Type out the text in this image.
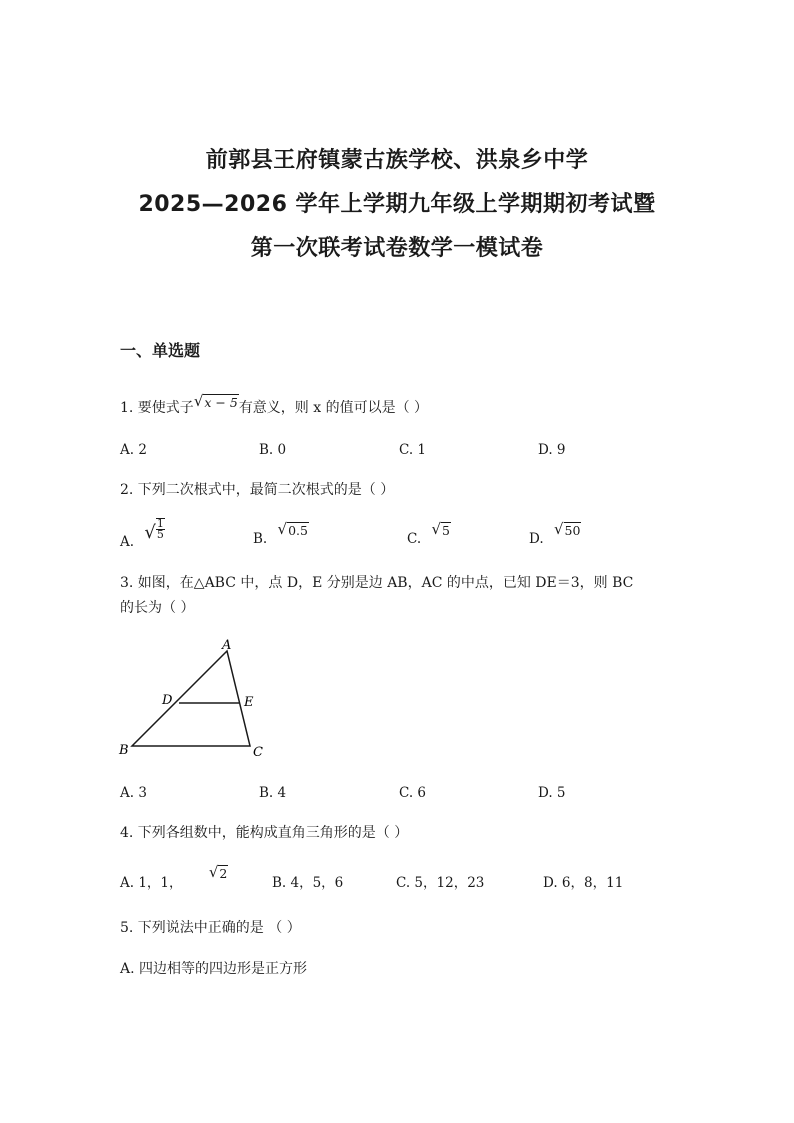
前郭县王府镇蒙古族学校、洪泉乡中学
2025—2026 学年上学期九年级上学期期初考试暨
第一次联考试卷数学一模试卷
一、单选题
1. 要使式子 √ x − 5 有意义，则 x 的值可以是（ ）
A. 2	B. 0	C. 1	D. 9
2. 下列二次根式中，最简二次根式的是（ ）
A. √ $\frac{1}{5}$	B.
√ 0.5
C.
√ 5
D.
√ 50
3. 如图，在△ABC 中，点 D，E 分别是边 AB，AC 的中点，已知 DE＝3，则 BC
的长为（ ）
A
D	E
B	C
A. 3	B. 4	C. 6	D. 5
4. 下列各组数中，能构成直角三角形的是（ ）
A. 1，1，
√ 2
B. 4，5，6	C. 5，12，23	D. 6，8，11
5. 下列说法中正确的是 （ ）
A. 四边相等的四边形是正方形
